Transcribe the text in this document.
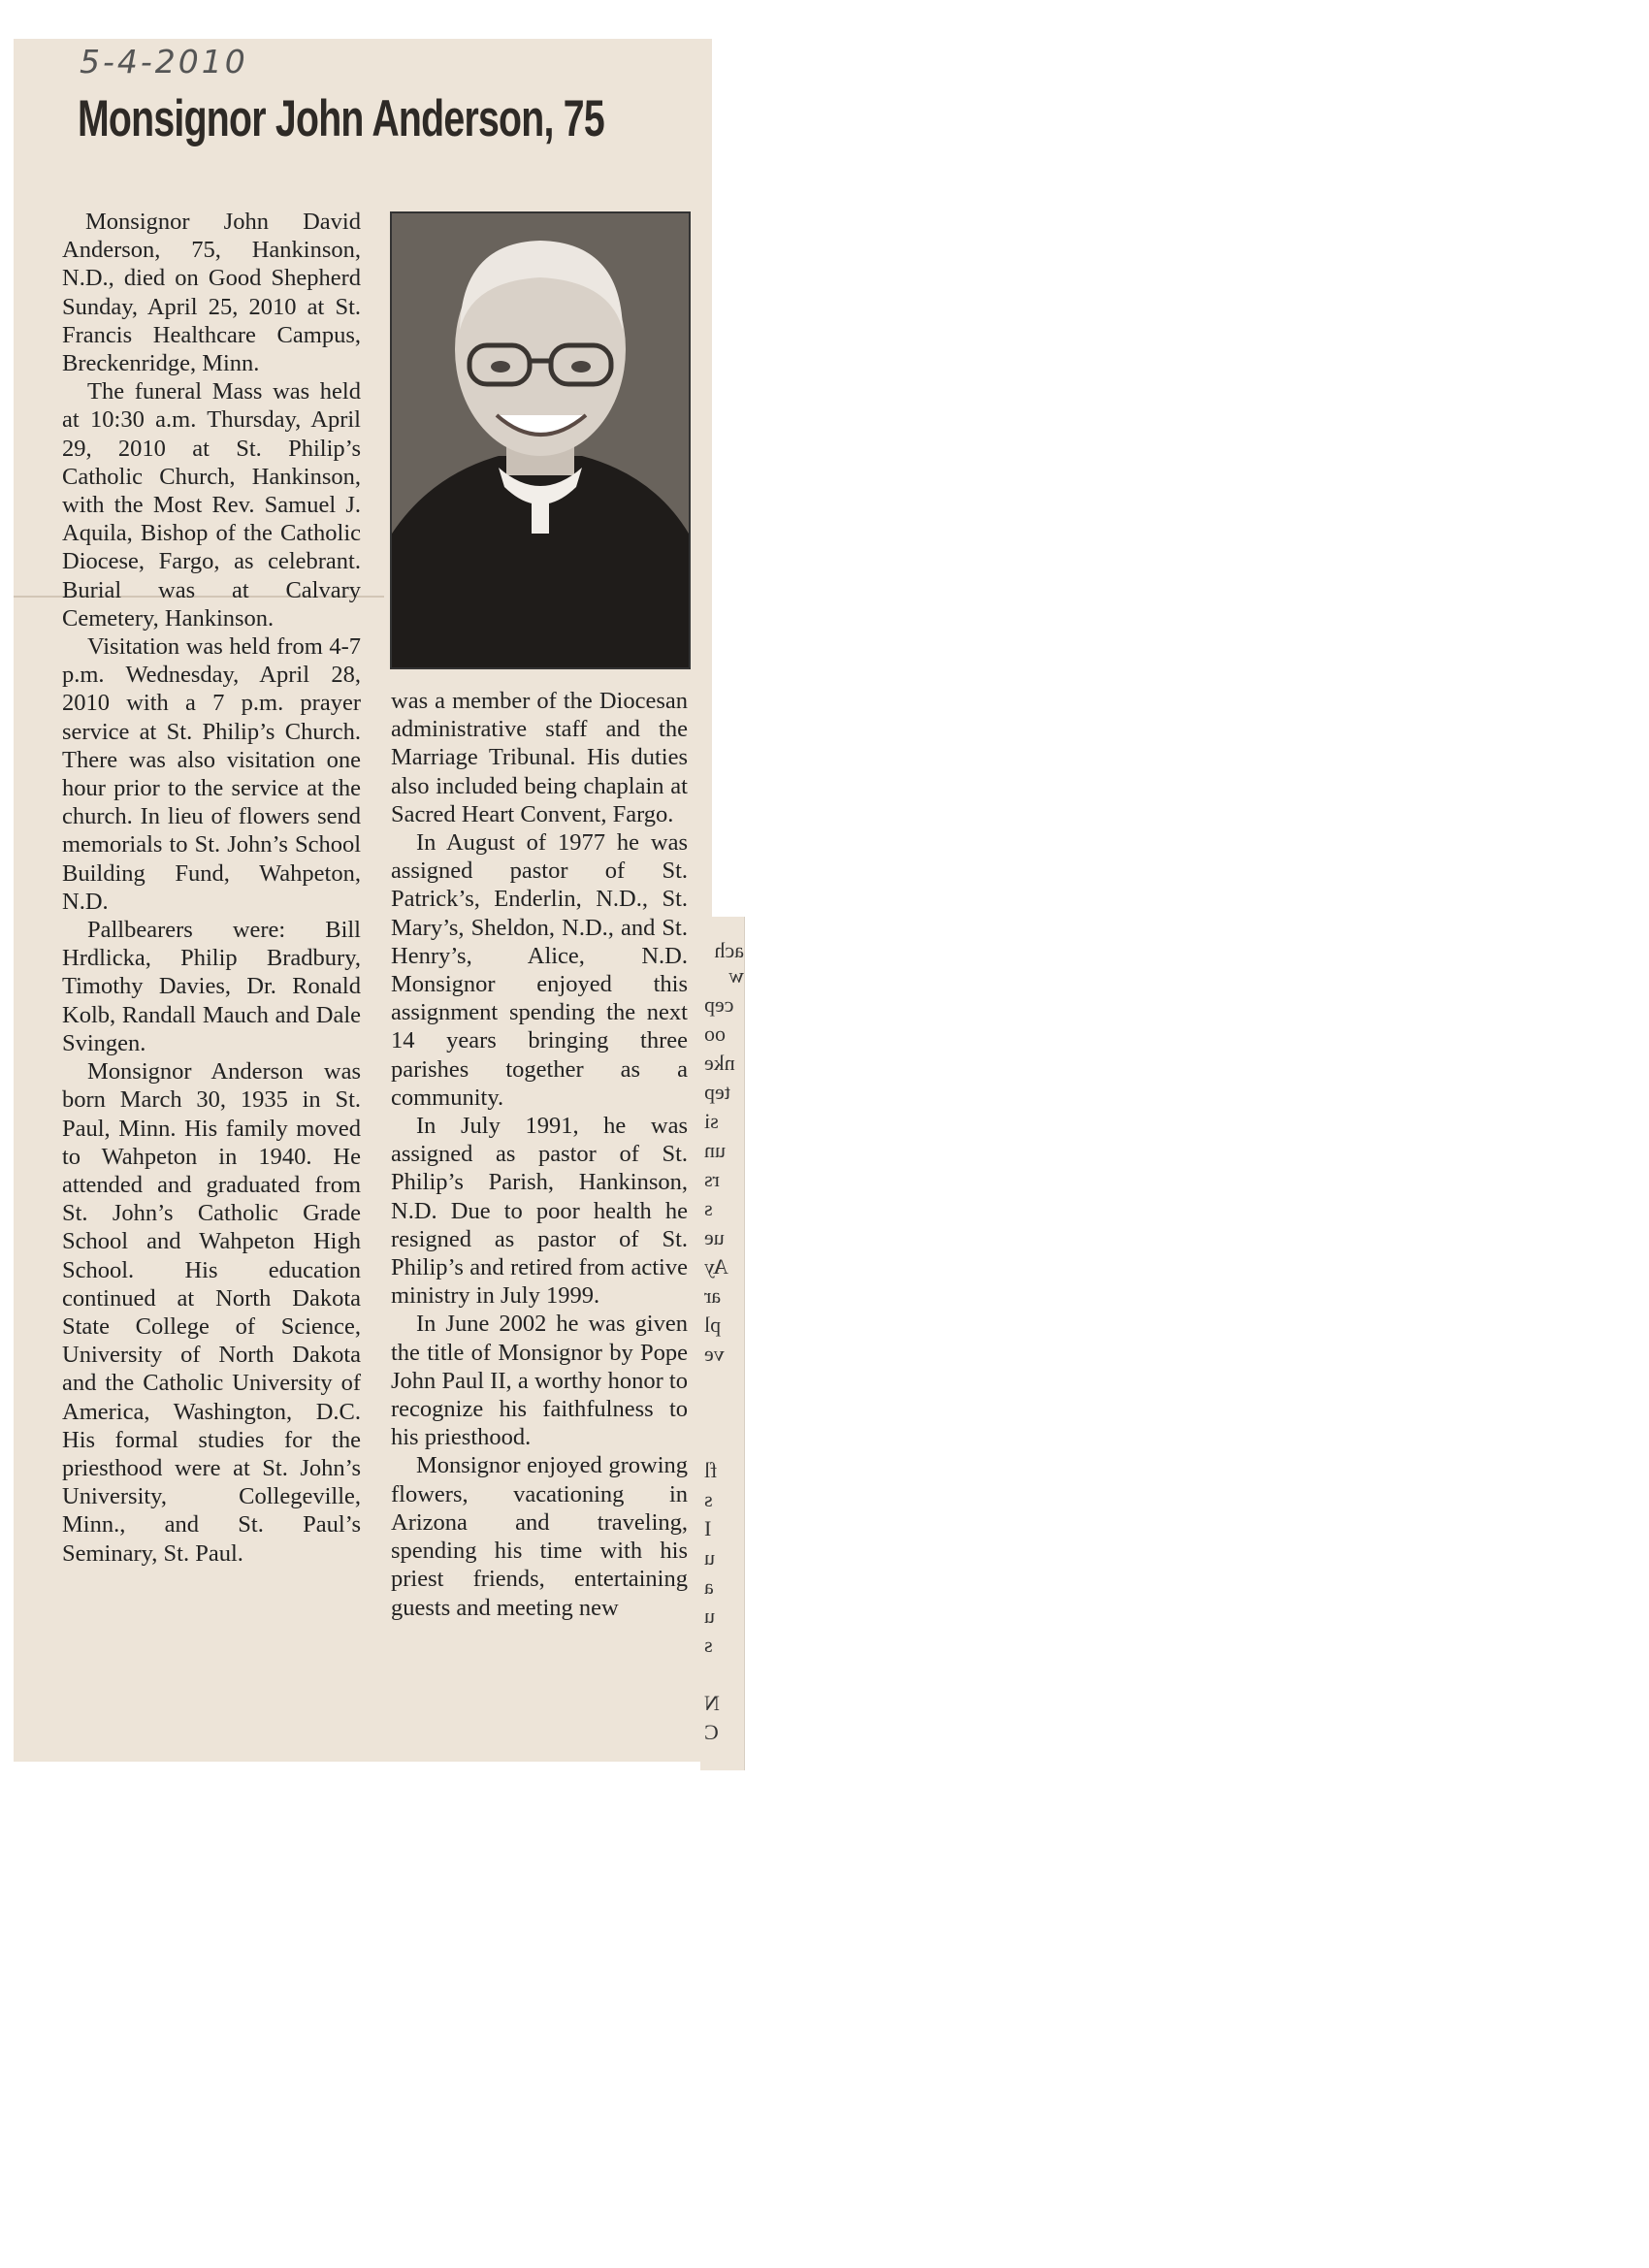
5-4-2010
Monsignor John Anderson, 75

Monsignor John David Anderson, 75, Hankinson, N.D., died on Good Shepherd Sunday, April 25, 2010 at St. Francis Healthcare Campus, Breckenridge, Minn.

The funeral Mass was held at 10:30 a.m. Thursday, April 29, 2010 at St. Philip’s Catholic Church, Hankinson, with the Most Rev. Samuel J. Aquila, Bishop of the Catholic Diocese, Fargo, as celebrant. Burial was at Calvary Cemetery, Hankinson.

Visitation was held from 4-7 p.m. Wednesday, April 28, 2010 with a 7 p.m. prayer service at St. Philip’s Church. There was also visitation one hour prior to the service at the church. In lieu of flowers send memorials to St. John’s School Building Fund, Wahpeton, N.D.

Pallbearers were: Bill Hrdlicka, Philip Bradbury, Timothy Davies, Dr. Ronald Kolb, Randall Mauch and Dale Svingen.

Monsignor Anderson was born March 30, 1935 in St. Paul, Minn. His family moved to Wahpeton in 1940. He attended and graduated from St. John’s Catholic Grade School and Wahpeton High School. His education continued at North Dakota State College of Science, University of North Dakota and the Catholic University of America, Washington, D.C. His formal studies for the priesthood were at St. John’s University, Collegeville, Minn., and St. Paul’s Seminary, St. Paul.

was a member of the Diocesan administrative staff and the Marriage Tribunal. His duties also included being chaplain at Sacred Heart Convent, Fargo.

In August of 1977 he was assigned pastor of St. Patrick’s, Enderlin, N.D., St. Mary’s, Sheldon, N.D., and St. Henry’s, Alice, N.D. Monsignor enjoyed this assignment spending the next 14 years bringing three parishes together as a community.

In July 1991, he was assigned as pastor of St. Philip’s Parish, Hankinson, N.D. Due to poor health he resigned as pastor of St. Philip’s and retired from active ministry in July 1999.

In June 2002 he was given the title of Monsignor by Pope John Paul II, a worthy honor to recognize his faithfulness to his priesthood.

Monsignor enjoyed growing flowers, vacationing in Arizona and traveling, spending his time with his priest friends, entertaining guests and meeting new

ach w
cep
oo
nke
tep
si
un
rs
s
ue
Ay
ar
pl
ve
fl
s
I
u
a
u
s
N
C
